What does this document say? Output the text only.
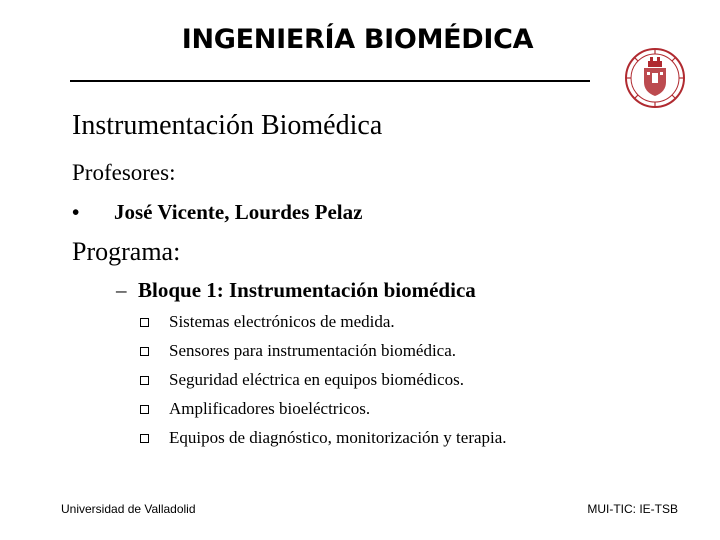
INGENIERÍA BIOMÉDICA
Instrumentación Biomédica
Profesores:
• José Vicente, Lourdes Pelaz
Programa:
– Bloque 1: Instrumentación biomédica
Sistemas electrónicos de medida.
Sensores para instrumentación biomédica.
Seguridad eléctrica en equipos biomédicos.
Amplificadores bioeléctricos.
Equipos de diagnóstico, monitorización y terapia.
Universidad de Valladolid	MUI-TIC: IE-TSB
